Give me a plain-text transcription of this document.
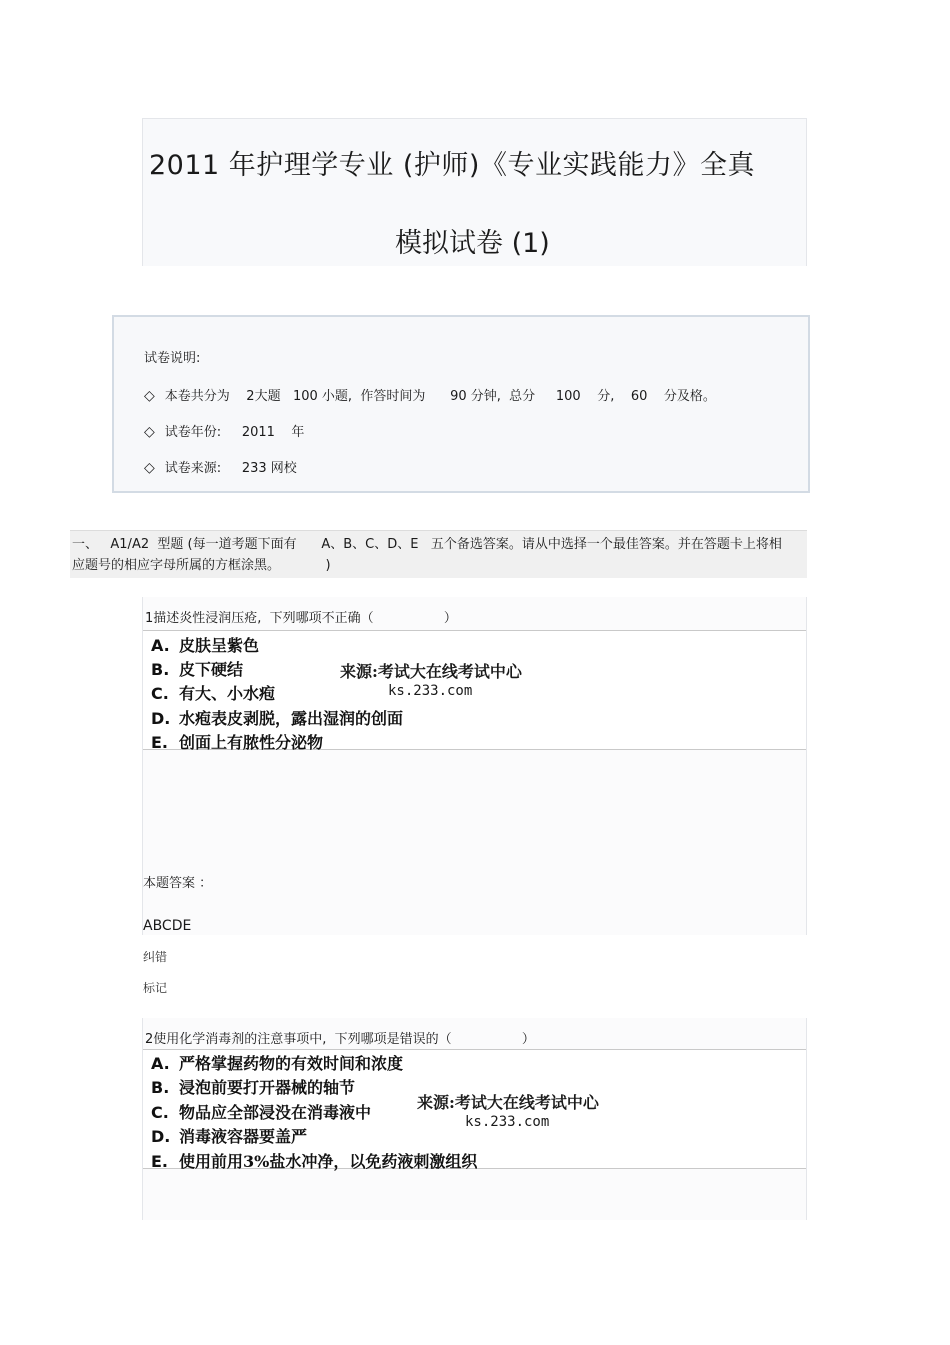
2011 年护理学专业 (护师)《专业实践能力》全真
模拟试卷 (1)
试卷说明:
◇ 本卷共分为    2大题   100 小题,  作答时间为      90 分钟,  总分     100    分,    60    分及格。
◇ 试卷年份:     2011    年
◇ 试卷来源:     233 网校
一、   A1/A2  型题 (每一道考题下面有      A、B、C、D、E   五个备选答案。请从中选择一个最佳答案。并在答题卡上将相应题号的相应字母所属的方框涂黑。           )
1描述炎性浸润压疮,  下列哪项不正确（                 ）
A. 皮肤呈紫色
B. 皮下硬结
C. 有大、小水疱
D. 水疱表皮剥脱，露出湿润的创面
E. 创面上有脓性分泌物
来源:考试大在线考试中心
ks.233.com
本题答案 ：
ABCDE
纠错
标记
2使用化学消毒剂的注意事项中,  下列哪项是错误的（                 ）
A. 严格掌握药物的有效时间和浓度
B. 浸泡前要打开器械的轴节
C. 物品应全部浸没在消毒液中
D. 消毒液容器要盖严
E. 使用前用3%盐水冲净，以免药液刺激组织
来源:考试大在线考试中心
ks.233.com
